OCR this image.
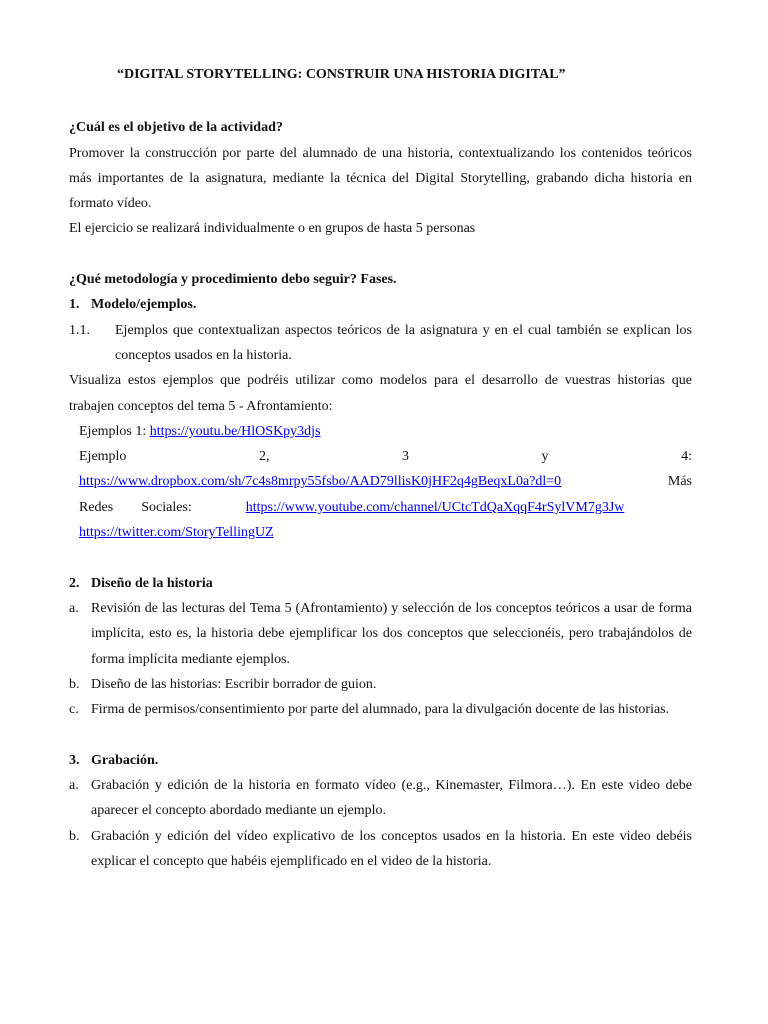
“DIGITAL STORYTELLING: CONSTRUIR UNA HISTORIA DIGITAL”
¿Cuál es el objetivo de la actividad?
Promover la construcción por parte del alumnado de una historia, contextualizando los contenidos teóricos más importantes de la asignatura, mediante la técnica del Digital Storytelling, grabando dicha historia en formato vídeo.
El ejercicio se realizará individualmente o en grupos de hasta 5 personas
¿Qué metodología y procedimiento debo seguir? Fases.
1. Modelo/ejemplos.
1.1.	Ejemplos que contextualizan aspectos teóricos de la asignatura y en el cual también se explican los conceptos usados en la historia.
Visualiza estos ejemplos que podréis utilizar como modelos para el desarrollo de vuestras historias que trabajen conceptos del tema 5 - Afrontamiento:
Ejemplos 1: https://youtu.be/HlOSKpy3djs
Ejemplo	2,	3	y	4:
https://www.dropbox.com/sh/7c4s8mrpy55fsbo/AAD79llisK0jHF2q4gBeqxL0a?dl=0	Más
Redes Sociales:	https://www.youtube.com/channel/UCtcTdQaXqqF4rSylVM7g3Jw
https://twitter.com/StoryTellingUZ
2. Diseño de la historia
a. Revisión de las lecturas del Tema 5 (Afrontamiento) y selección de los conceptos teóricos a usar de forma implícita, esto es, la historia debe ejemplificar los dos conceptos que seleccionéis, pero trabajándolos de forma implícita mediante ejemplos.
b. Diseño de las historias: Escribir borrador de guion.
c. Firma de permisos/consentimiento por parte del alumnado, para la divulgación docente de las historias.
3. Grabación.
a. Grabación y edición de la historia en formato vídeo (e.g., Kinemaster, Filmora…). En este video debe aparecer el concepto abordado mediante un ejemplo.
b. Grabación y edición del vídeo explicativo de los conceptos usados en la historia. En este video debéis explicar el concepto que habéis ejemplificado en el video de la historia.
